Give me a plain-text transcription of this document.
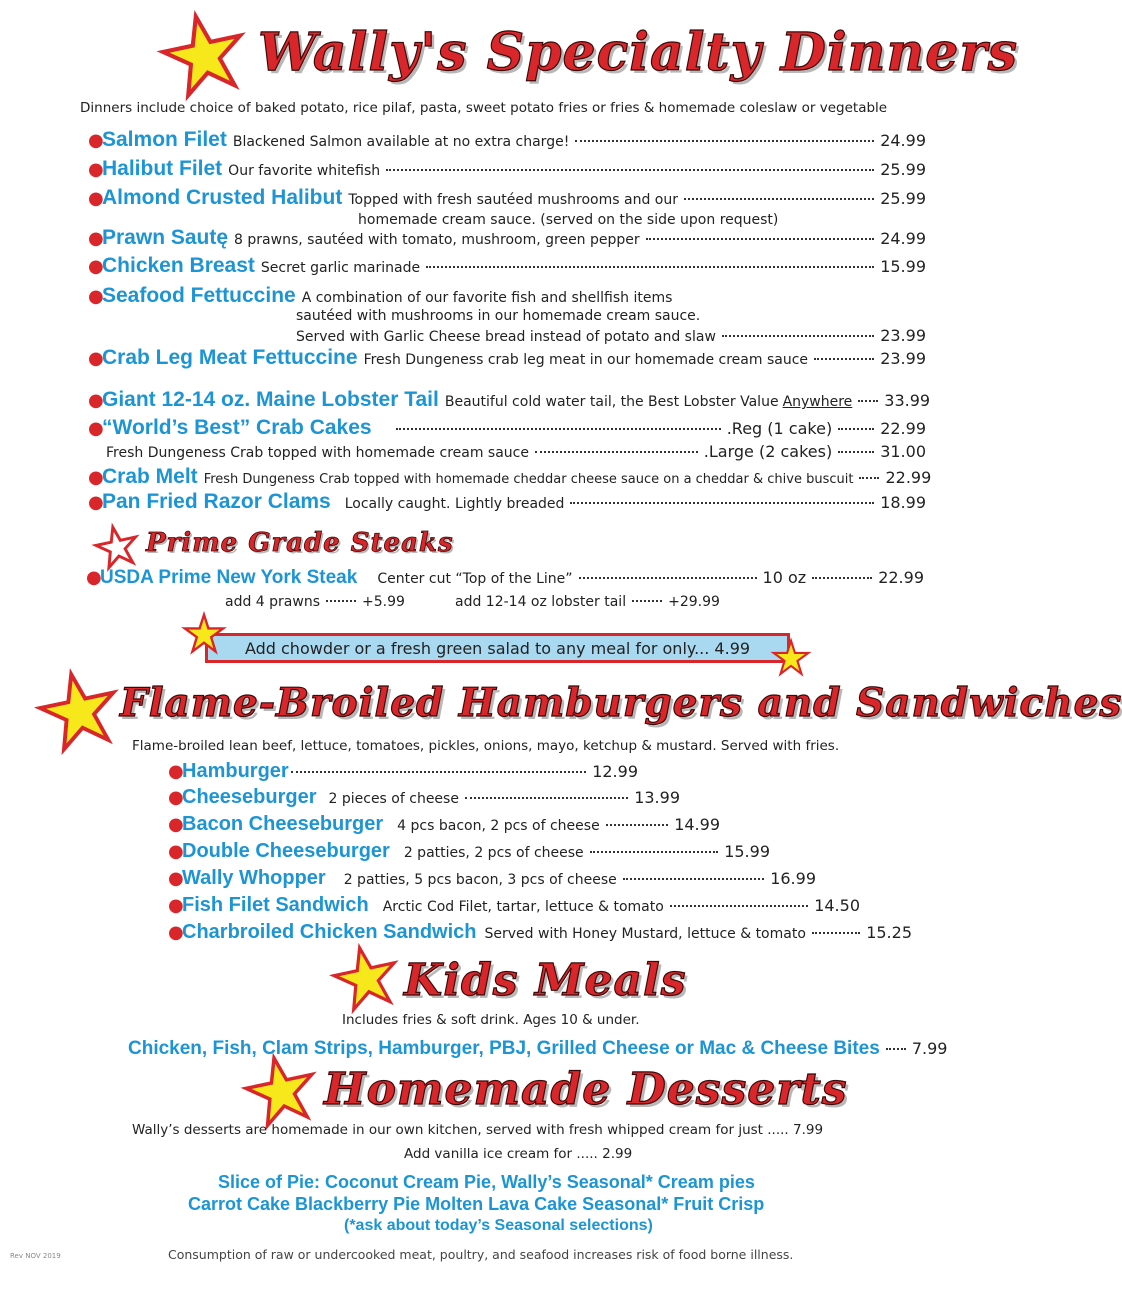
Wally's Specialty Dinners
Dinners include choice of baked potato, rice pilaf, pasta, sweet potato fries or fries & homemade coleslaw or vegetable
●
Salmon Filet Blackened Salmon available at no extra charge!	24.99
●
Halibut Filet Our favorite whitefish	25.99
●
Almond Crusted Halibut Topped with fresh sautéed mushrooms and our	25.99
homemade cream sauce. (served on the side upon request)
●
Prawn Sautę 8 prawns, sautéed with tomato, mushroom, green pepper	24.99
●
Chicken Breast Secret garlic marinade	15.99
●
Seafood Fettuccine A combination of our favorite fish and shellfish items
sautéed with mushrooms in our homemade cream sauce.
Served with Garlic Cheese bread instead of potato and slaw	23.99
●
Crab Leg Meat Fettuccine Fresh Dungeness crab leg meat in our homemade cream sauce	23.99
●
Giant 12-14 oz. Maine Lobster Tail Beautiful cold water tail, the Best Lobster Value Anywhere 33.99
●
“World’s Best” Crab Cakes	.Reg (1 cake)	22.99
Fresh Dungeness Crab topped with homemade cream sauce	.Large (2 cakes)	31.00
●
Crab Melt Fresh Dungeness Crab topped with homemade cheddar cheese sauce on a cheddar & chive buscuit 22.99
●
Pan Fried Razor Clams Locally caught. Lightly breaded	18.99
Prime Grade Steaks
●
USDA Prime New York Steak Center cut “Top of the Line”	10 oz	22.99
add 4 prawns	+5.99	add 12-14 oz lobster tail	+29.99
Add chowder or a fresh green salad to any meal for only... 4.99
Flame-Broiled Hamburgers and Sandwiches
Flame-broiled lean beef, lettuce, tomatoes, pickles, onions, mayo, ketchup & mustard. Served with fries.
●
Hamburger	12.99
●
Cheeseburger 2 pieces of cheese	13.99
●
Bacon Cheeseburger 4 pcs bacon, 2 pcs of cheese	14.99
●
Double Cheeseburger 2 patties, 2 pcs of cheese	15.99
●
Wally Whopper 2 patties, 5 pcs bacon, 3 pcs of cheese	16.99
●
Fish Filet Sandwich Arctic Cod Filet, tartar, lettuce & tomato	14.50
●
Charbroiled Chicken Sandwich Served with Honey Mustard, lettuce & tomato	15.25
Kids Meals
Includes fries & soft drink. Ages 10 & under.
Chicken, Fish, Clam Strips, Hamburger, PBJ, Grilled Cheese or Mac & Cheese Bites 7.99
Homemade Desserts
Wally’s desserts are homemade in our own kitchen, served with fresh whipped cream for just ..... 7.99
Add vanilla ice cream for ..... 2.99
Slice of Pie: Coconut Cream Pie, Wally’s Seasonal* Cream pies
Carrot Cake Blackberry Pie Molten Lava Cake Seasonal* Fruit Crisp
(*ask about today’s Seasonal selections)
Rev NOV 2019	Consumption of raw or undercooked meat, poultry, and seafood increases risk of food borne illness.
